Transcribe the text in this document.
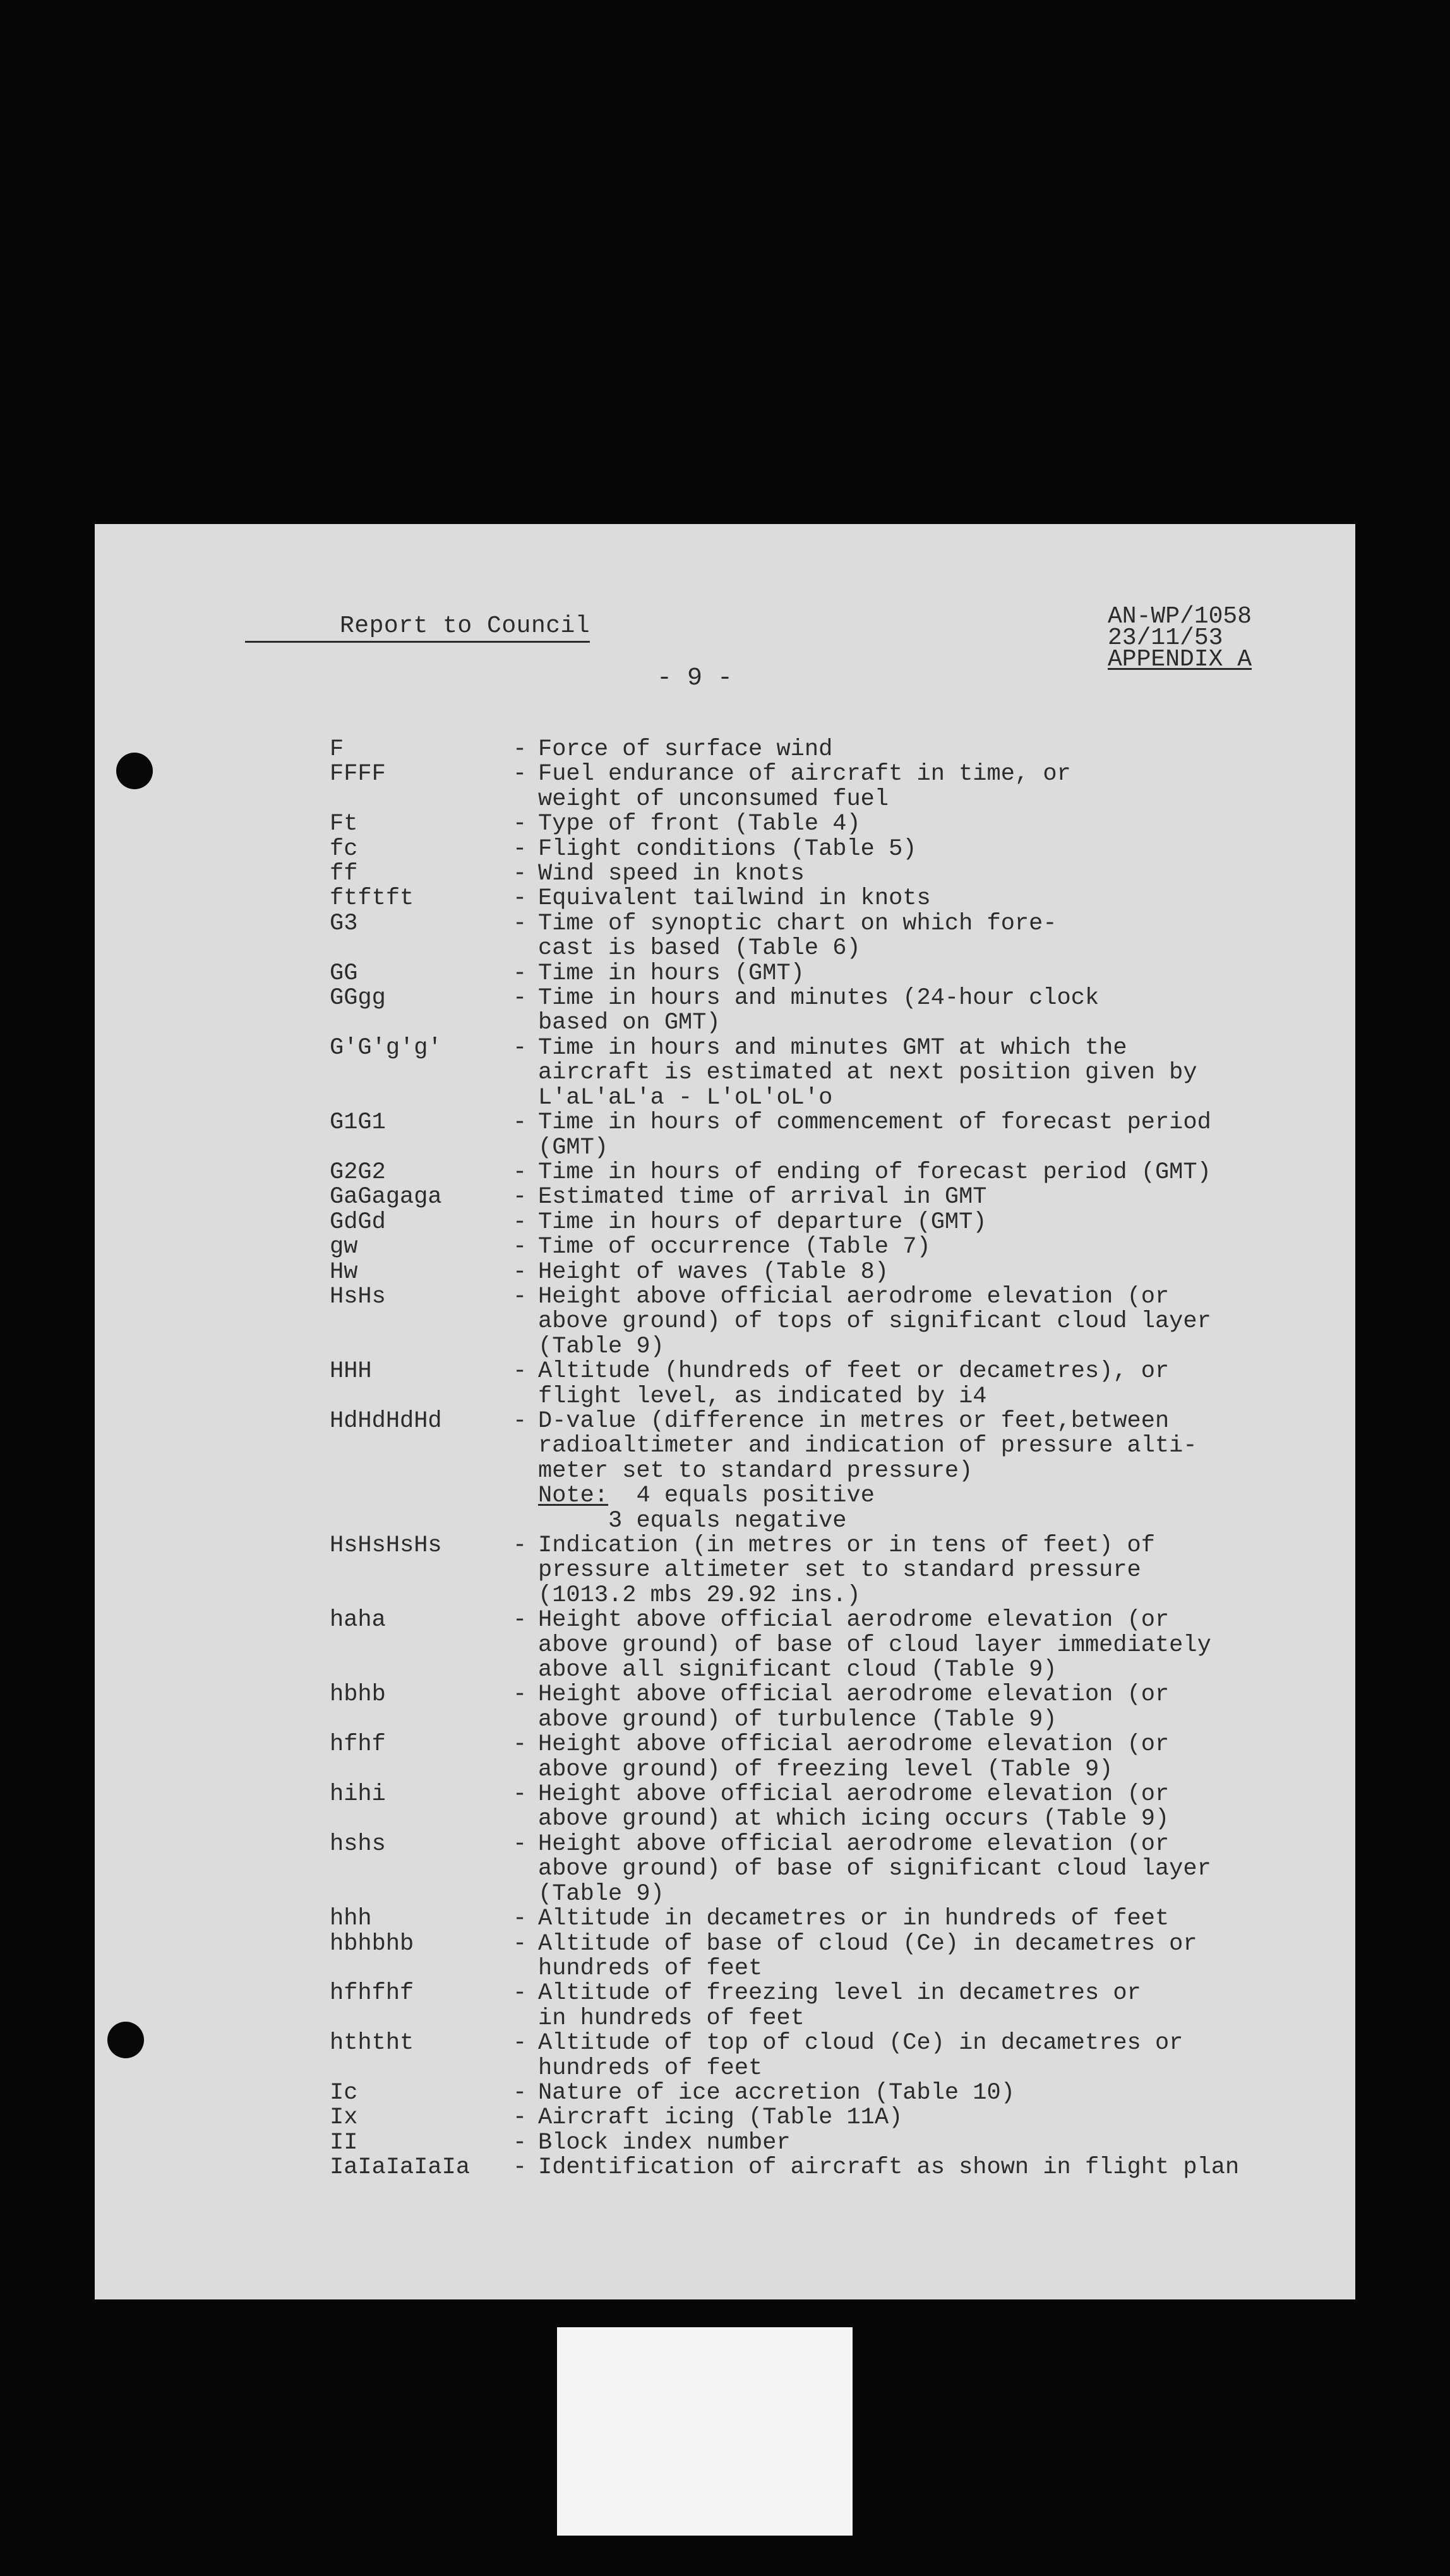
Report to Council	AN-WP/1058
23/11/53
APPENDIX A
- 9 -
F	- Force of surface wind
FFFF	- Fuel endurance of aircraft in time, or
weight of unconsumed fuel
Ft	- Type of front (Table 4)
fc	- Flight conditions (Table 5)
ff	- Wind speed in knots
ftftft	- Equivalent tailwind in knots
G3	- Time of synoptic chart on which fore-
cast is based (Table 6)
GG	- Time in hours (GMT)
GGgg	- Time in hours and minutes (24-hour clock
based on GMT)
G'G'g'g'	- Time in hours and minutes GMT at which the
aircraft is estimated at next position given by
L'aL'aL'a - L'oL'oL'o
G1G1	- Time in hours of commencement of forecast period
(GMT)
G2G2	- Time in hours of ending of forecast period (GMT)
GaGagaga	- Estimated time of arrival in GMT
GdGd	- Time in hours of departure (GMT)
gw	- Time of occurrence (Table 7)
Hw	- Height of waves (Table 8)
HsHs	- Height above official aerodrome elevation (or
above ground) of tops of significant cloud layer
(Table 9)
HHH	- Altitude (hundreds of feet or decametres), or
flight level, as indicated by i4
HdHdHdHd	- D-value (difference in metres or feet,between
radioaltimeter and indication of pressure alti-
meter set to standard pressure)
Note: 4 equals positive
3 equals negative
HsHsHsHs	- Indication (in metres or in tens of feet) of
pressure altimeter set to standard pressure
(1013.2 mbs 29.92 ins.)
haha	- Height above official aerodrome elevation (or
above ground) of base of cloud layer immediately
above all significant cloud (Table 9)
hbhb	- Height above official aerodrome elevation (or
above ground) of turbulence (Table 9)
hfhf	- Height above official aerodrome elevation (or
above ground) of freezing level (Table 9)
hihi	- Height above official aerodrome elevation (or
above ground) at which icing occurs (Table 9)
hshs	- Height above official aerodrome elevation (or
above ground) of base of significant cloud layer
(Table 9)
hhh	- Altitude in decametres or in hundreds of feet
hbhbhb	- Altitude of base of cloud (Ce) in decametres or
hundreds of feet
hfhfhf	- Altitude of freezing level in decametres or
in hundreds of feet
hththt	- Altitude of top of cloud (Ce) in decametres or
hundreds of feet
Ic	- Nature of ice accretion (Table 10)
Ix	- Aircraft icing (Table 11A)
II	- Block index number
IaIaIaIaIa	- Identification of aircraft as shown in flight plan
